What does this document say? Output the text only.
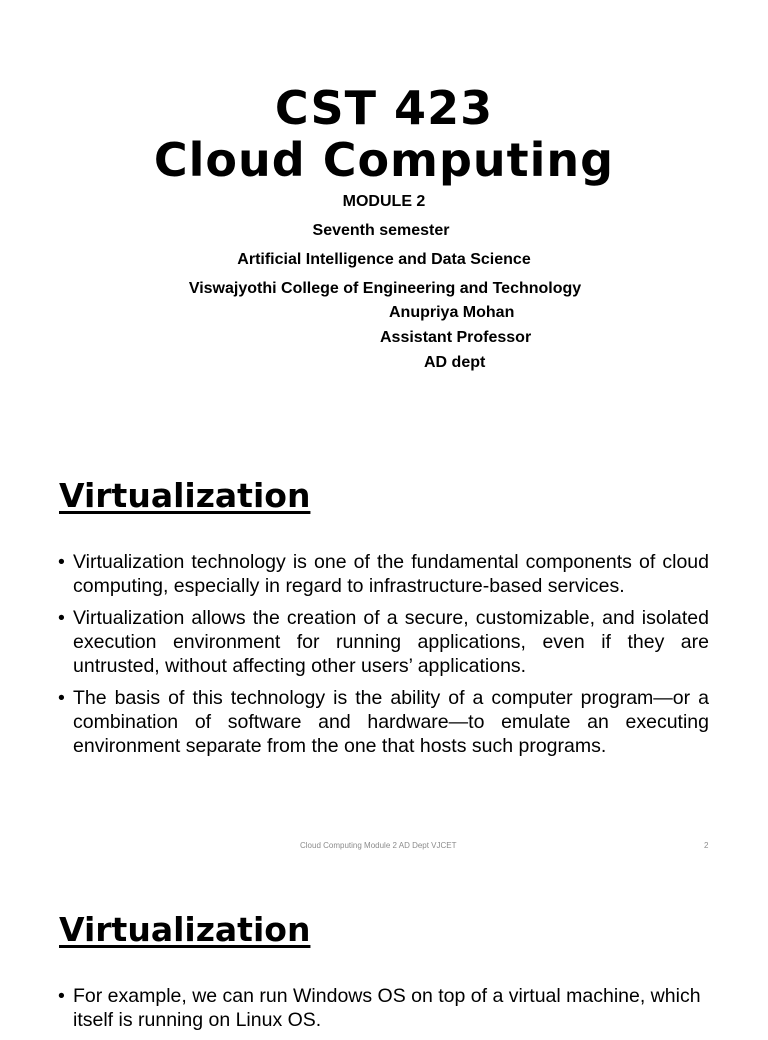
CST 423
Cloud Computing
MODULE 2
Seventh semester
Artificial Intelligence and Data Science
Viswajyothi College of Engineering and Technology
Anupriya Mohan
Assistant Professor
AD dept
Virtualization
• Virtualization technology is one of the fundamental components of cloud computing, especially in regard to infrastructure-based services.
• Virtualization allows the creation of a secure, customizable, and isolated execution environment for running applications, even if they are untrusted, without affecting other users’ applications.
• The basis of this technology is the ability of a computer program—or a combination of software and hardware—to emulate an executing environment separate from the one that hosts such programs.
Cloud Computing Module 2 AD Dept VJCET	2
Virtualization
• For example, we can run Windows OS on top of a virtual machine, which itself is running on Linux OS.
